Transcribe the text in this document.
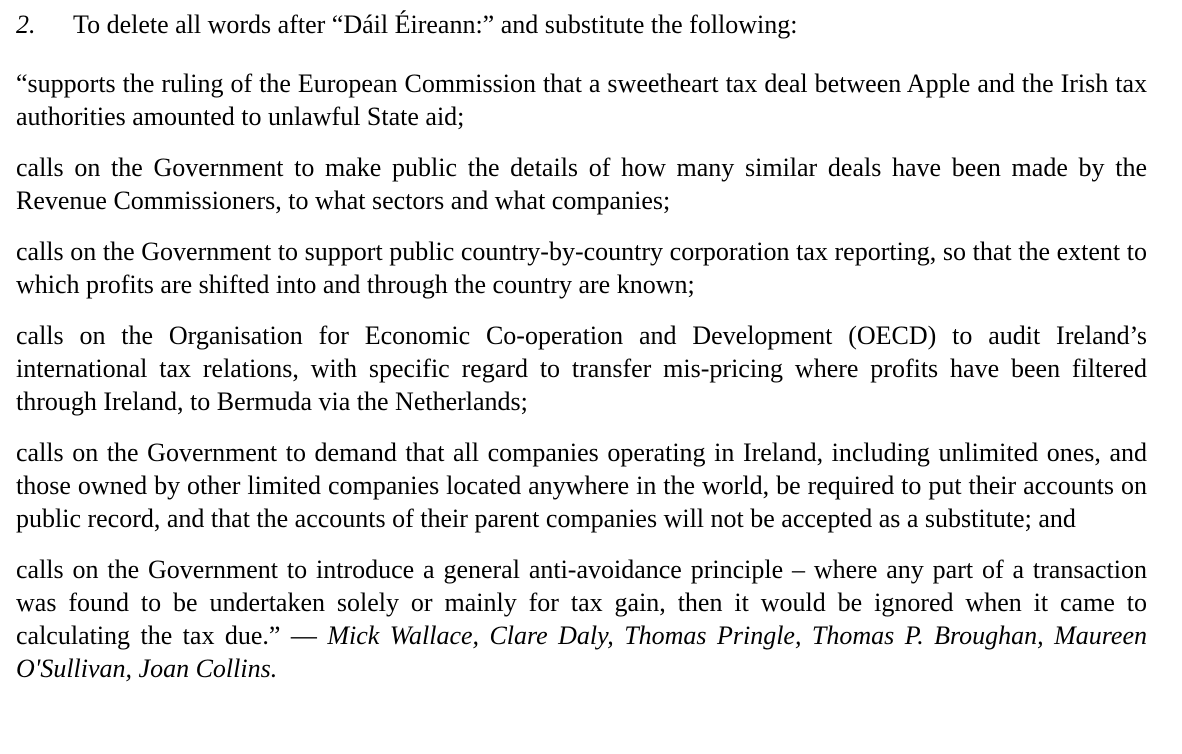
2.	To delete all words after “Dáil Éireann:” and substitute the following:

“supports the ruling of the European Commission that a sweetheart tax deal between Apple and the Irish tax authorities amounted to unlawful State aid;

calls on the Government to make public the details of how many similar deals have been made by the Revenue Commissioners, to what sectors and what companies;

calls on the Government to support public country-by-country corporation tax reporting, so that the extent to which profits are shifted into and through the country are known;

calls on the Organisation for Economic Co-operation and Development (OECD) to audit Ireland’s international tax relations, with specific regard to transfer mis-pricing where profits have been filtered through Ireland, to Bermuda via the Netherlands;

calls on the Government to demand that all companies operating in Ireland, including unlimited ones, and those owned by other limited companies located anywhere in the world, be required to put their accounts on public record, and that the accounts of their parent companies will not be accepted as a substitute; and

calls on the Government to introduce a general anti-avoidance principle – where any part of a transaction was found to be undertaken solely or mainly for tax gain, then it would be ignored when it came to calculating the tax due.” — Mick Wallace, Clare Daly, Thomas Pringle, Thomas P. Broughan, Maureen O'Sullivan, Joan Collins.
